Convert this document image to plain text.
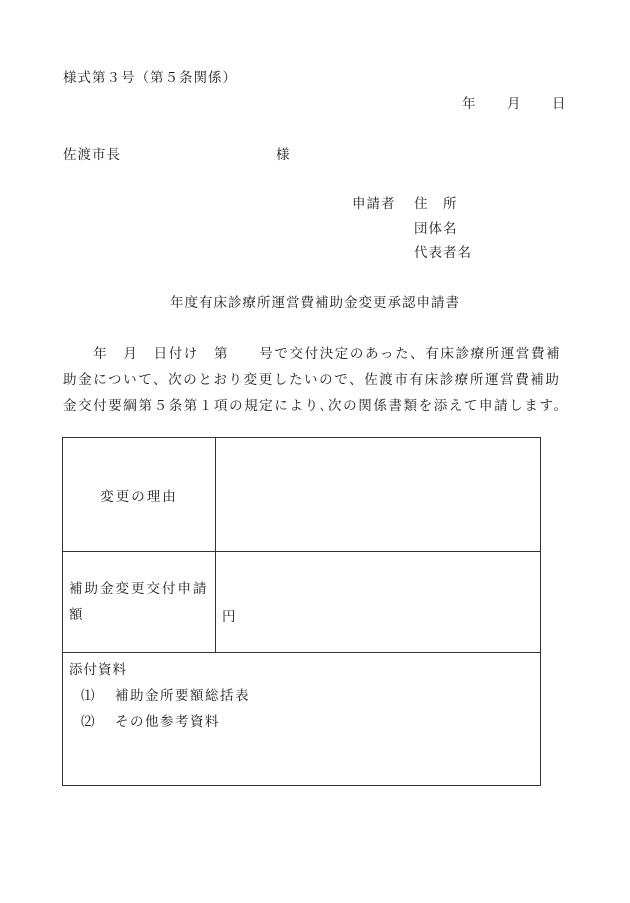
様式第３号（第５条関係）
年 月 日
佐渡市長	様
申請者	住　所
団体名
代表者名
年度有床診療所運営費補助金変更承認申請書
　　年　月　日付け　第　　号で交付決定のあった、有床診療所運営費補
助金について、次のとおり変更したいので、佐渡市有床診療所運営費補助
金交付要綱第５条第１項の規定により､次の関係書類を添えて申請します。
変更の理由	
補助金変更交付申請額	円

添付資料
⑴ 補助金所要額総括表
⑵ その他参考資料	
